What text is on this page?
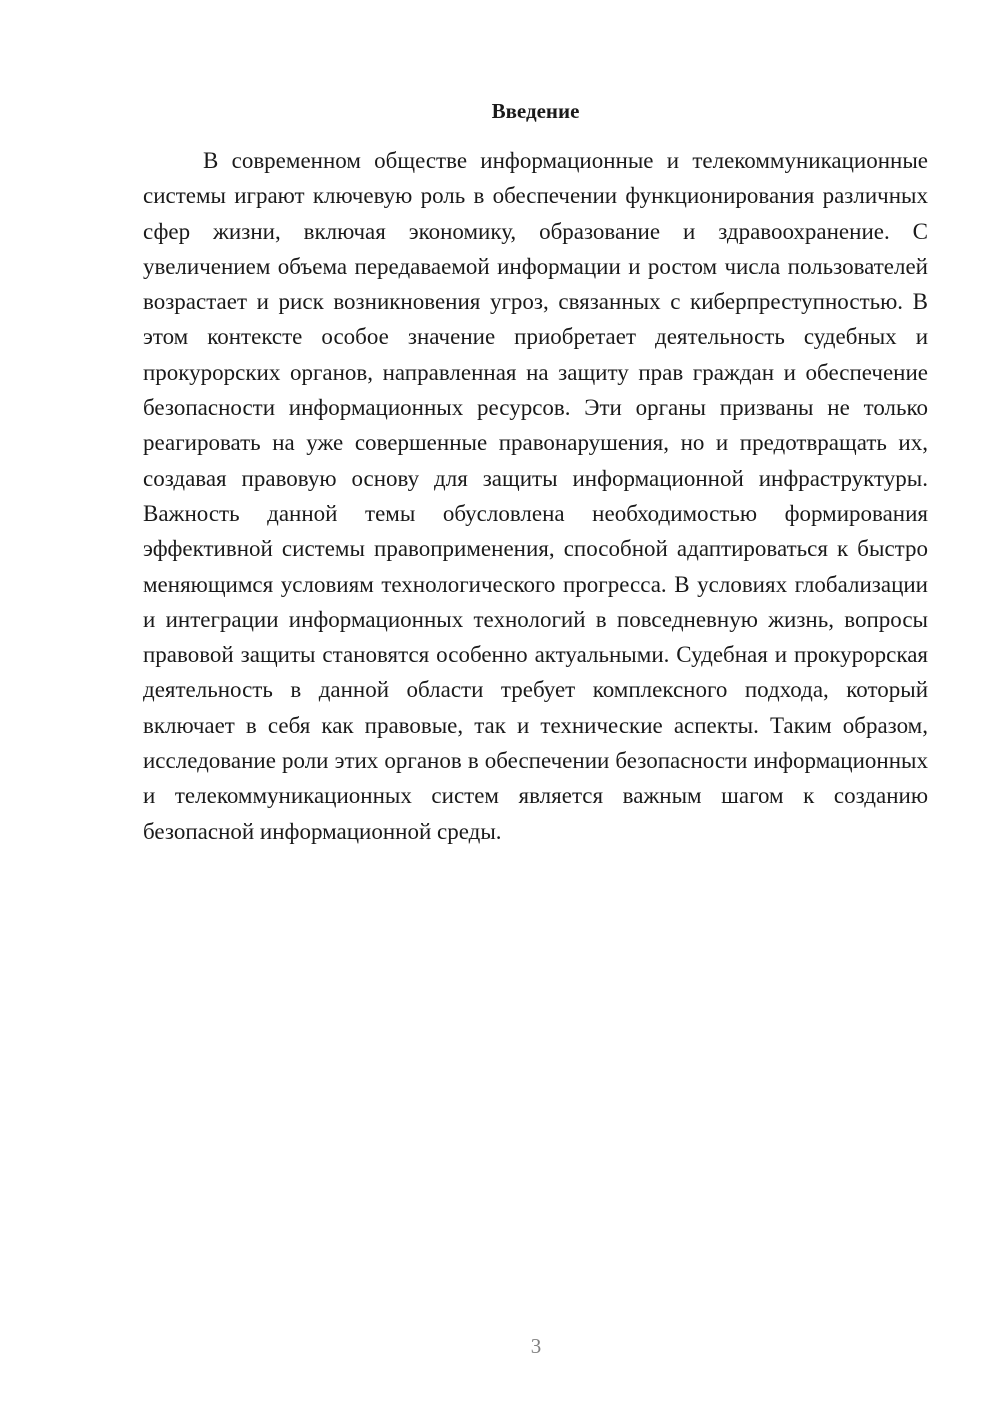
Введение

В современном обществе информационные и телекоммуникационные системы играют ключевую роль в обеспечении функционирования различных сфер жизни, включая экономику, образование и здравоохранение. С увеличением объема передаваемой информации и ростом числа пользователей возрастает и риск возникновения угроз, связанных с киберпреступностью. В этом контексте особое значение приобретает деятельность судебных и прокурорских органов, направленная на защиту прав граждан и обеспечение безопасности информационных ресурсов. Эти органы призваны не только реагировать на уже совершенные правонарушения, но и предотвращать их, создавая правовую основу для защиты информационной инфраструктуры. Важность данной темы обусловлена необходимостью формирования эффективной системы правоприменения, способной адаптироваться к быстро меняющимся условиям технологического прогресса. В условиях глобализации и интеграции информационных технологий в повседневную жизнь, вопросы правовой защиты становятся особенно актуальными. Судебная и прокурорская деятельность в данной области требует комплексного подхода, который включает в себя как правовые, так и технические аспекты. Таким образом, исследование роли этих органов в обеспечении безопасности информационных и телекоммуникационных систем является важным шагом к созданию безопасной информационной среды.

3
